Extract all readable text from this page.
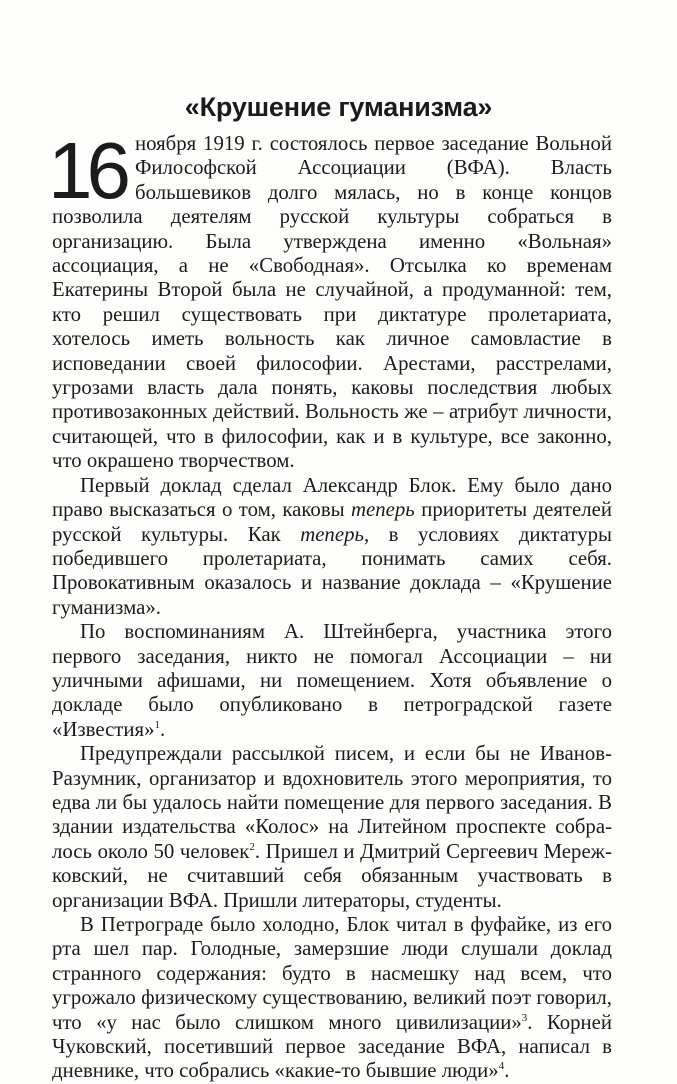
«Крушение гуманизма»

16 ноября 1919 г. состоялось первое заседание Вольной Философской Ассоциации (ВФА). Власть большевиков долго мялась, но в конце концов позволила деятелям русской культуры собраться в организацию. Была утверждена именно «Вольная» ассоциация, а не «Свободная». Отсылка ко временам Екатерины Второй была не случайной, а продуманной: тем, кто решил существовать при диктатуре пролетариата, хотелось иметь вольность как личное самовластие в исповедании своей философии. Арестами, расстрелами, угрозами власть дала понять, каковы последствия любых противозаконных действий. Вольность же – атрибут личности, считающей, что в философии, как и в культуре, все законно, что окрашено творчеством.

Первый доклад сделал Александр Блок. Ему было дано право высказаться о том, каковы теперь приоритеты деятелей русской культуры. Как теперь, в условиях диктатуры победившего пролетариата, понимать самих себя. Провокативным оказалось и название доклада – «Крушение гуманизма».

По воспоминаниям А. Штейнберга, участника этого первого заседания, никто не помогал Ассоциации – ни уличными афишами, ни помещением. Хотя объявление о докладе было опубликовано в петроградской газете «Известия»$^1$.

Предупреждали рассылкой писем, и если бы не Иванов-Разумник, организатор и вдохновитель этого мероприятия, то едва ли бы удалось найти помещение для первого заседания. В здании издательства «Колос» на Литейном проспекте собралось около 50 человек$^2$. Пришел и Дмитрий Сергеевич Мережковский, не считавший себя обязанным участвовать в организации ВФА. Пришли литераторы, студенты.

В Петрограде было холодно, Блок читал в фуфайке, из его рта шел пар. Голодные, замерзшие люди слушали доклад странного содержания: будто в насмешку над всем, что угрожало физическому существованию, великий поэт говорил, что «у нас было слишком много цивилизации»$^3$. Корней Чуковский, посетивший первое заседание ВФА, написал в дневнике, что собрались «какие-то бывшие люди»$^4$.
